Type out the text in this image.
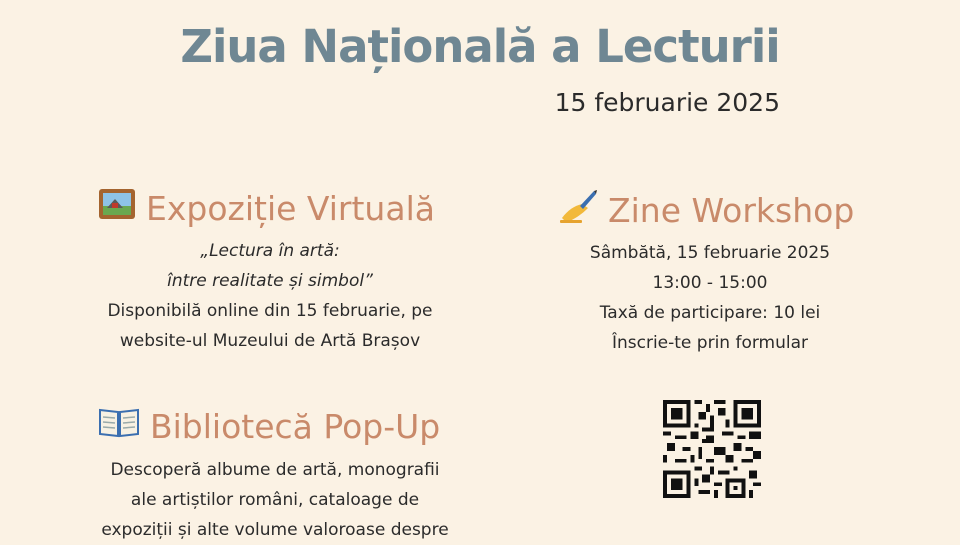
Ziua Națională a Lecturii
15 februarie 2025
Expoziție Virtuală
„Lectura în artă:
între realitate și simbol”
Disponibilă online din 15 februarie, pe
website-ul Muzeului de Artă Brașov
Zine Workshop
Sâmbătă, 15 februarie 2025
13:00 - 15:00
Taxă de participare: 10 lei
Înscrie-te prin formular
Bibliotecă Pop-Up
Descoperă albume de artă, monografii
ale artiștilor români, cataloage de
expoziții și alte volume valoroase despre
